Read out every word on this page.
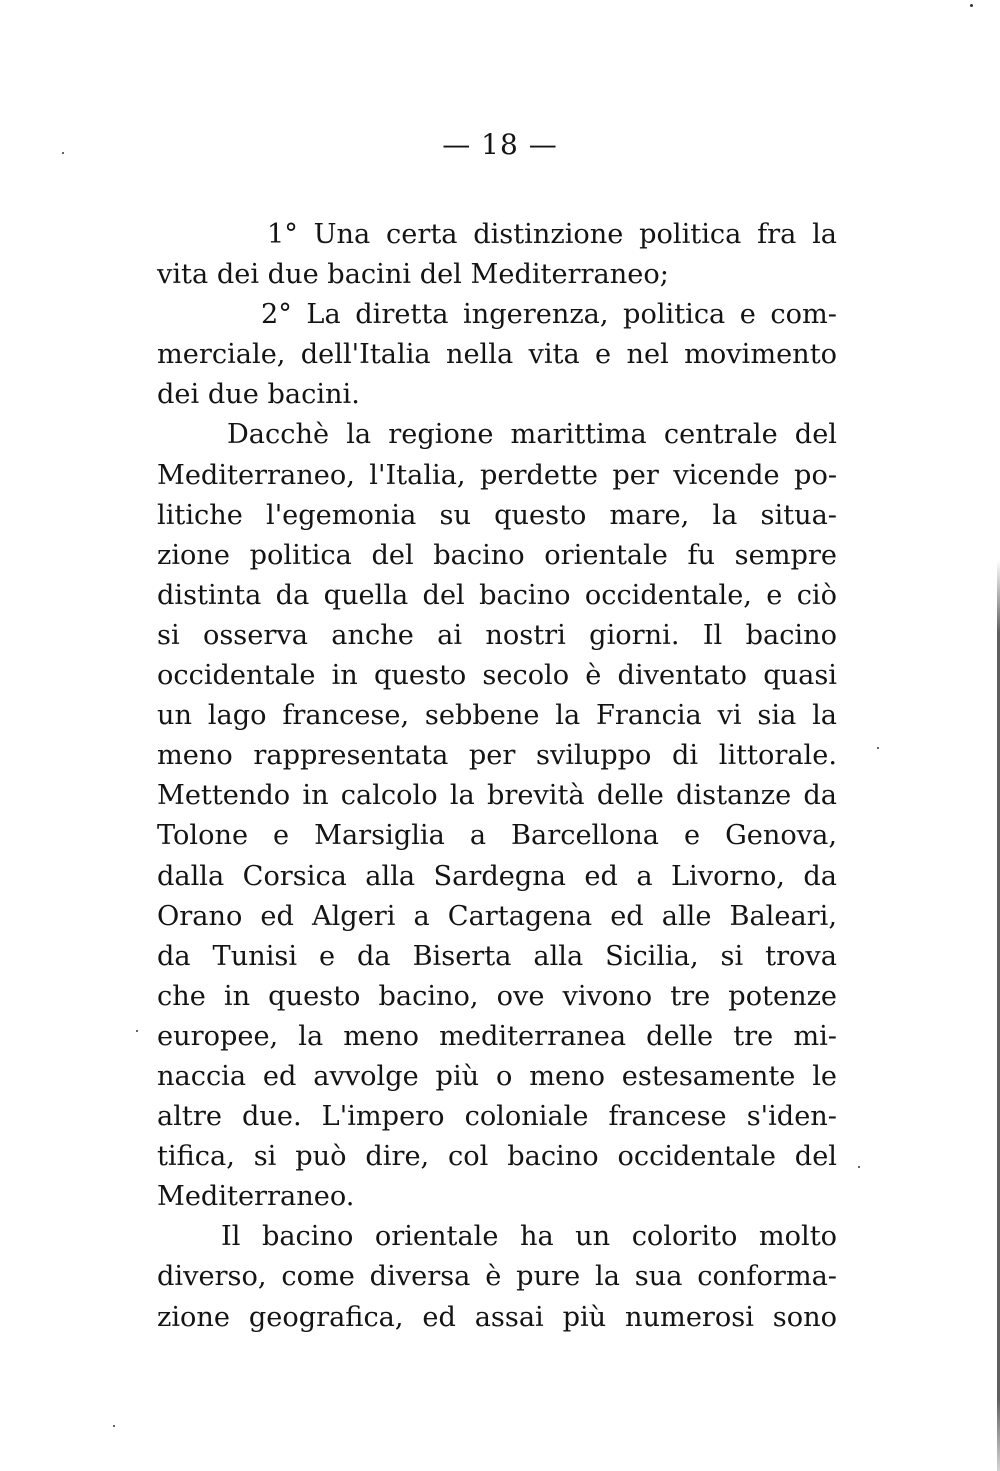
— 18 —
1° Una certa distinzione politica fra la
vita dei due bacini del Mediterraneo;
2° La diretta ingerenza, politica e com-
merciale, dell'Italia nella vita e nel movimento
dei due bacini.
Dacchè la regione marittima centrale del
Mediterraneo, l'Italia, perdette per vicende po-
litiche l'egemonia su questo mare, la situa-
zione politica del bacino orientale fu sempre
distinta da quella del bacino occidentale, e ciò
si osserva anche ai nostri giorni. Il bacino
occidentale in questo secolo è diventato quasi
un lago francese, sebbene la Francia vi sia la
meno rappresentata per sviluppo di littorale.
Mettendo in calcolo la brevità delle distanze da
Tolone e Marsiglia a Barcellona e Genova,
dalla Corsica alla Sardegna ed a Livorno, da
Orano ed Algeri a Cartagena ed alle Baleari,
da Tunisi e da Biserta alla Sicilia, si trova
che in questo bacino, ove vivono tre potenze
europee, la meno mediterranea delle tre mi-
naccia ed avvolge più o meno estesamente le
altre due. L'impero coloniale francese s'iden-
tifica, si può dire, col bacino occidentale del
Mediterraneo.
Il bacino orientale ha un colorito molto
diverso, come diversa è pure la sua conforma-
zione geografica, ed assai più numerosi sono
